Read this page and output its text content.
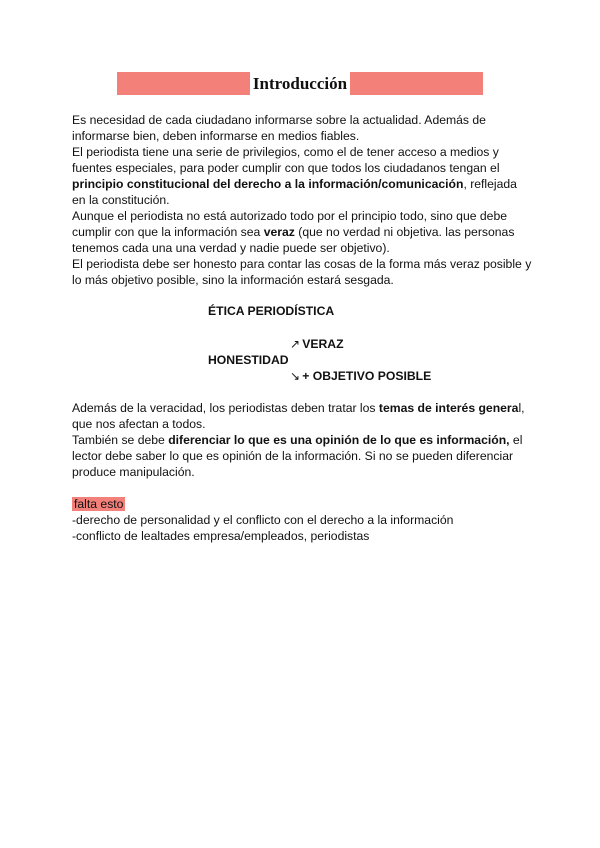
Introducción

Es necesidad de cada ciudadano informarse sobre la actualidad. Además de informarse bien, deben informarse en medios fiables.

El periodista tiene una serie de privilegios, como el de tener acceso a medios y fuentes especiales, para poder cumplir con que todos los ciudadanos tengan el principio constitucional del derecho a la información/comunicación, reflejada en la constitución.

Aunque el periodista no está autorizado todo por el principio todo, sino que debe cumplir con que la información sea veraz (que no verdad ni objetiva. las personas tenemos cada una una verdad y nadie puede ser objetivo).

El periodista debe ser honesto para contar las cosas de la forma más veraz posible y lo más objetivo posible, sino la información estará sesgada.

ÉTICA PERIODÍSTICA
↗ VERAZ
HONESTIDAD
↘ + OBJETIVO POSIBLE

Además de la veracidad, los periodistas deben tratar los temas de interés general, que nos afectan a todos.

También se debe diferenciar lo que es una opinión de lo que es información, el lector debe saber lo que es opinión de la información. Si no se pueden diferenciar produce manipulación.

falta esto

-derecho de personalidad y el conflicto con el derecho a la información

-conflicto de lealtades empresa/empleados, periodistas
